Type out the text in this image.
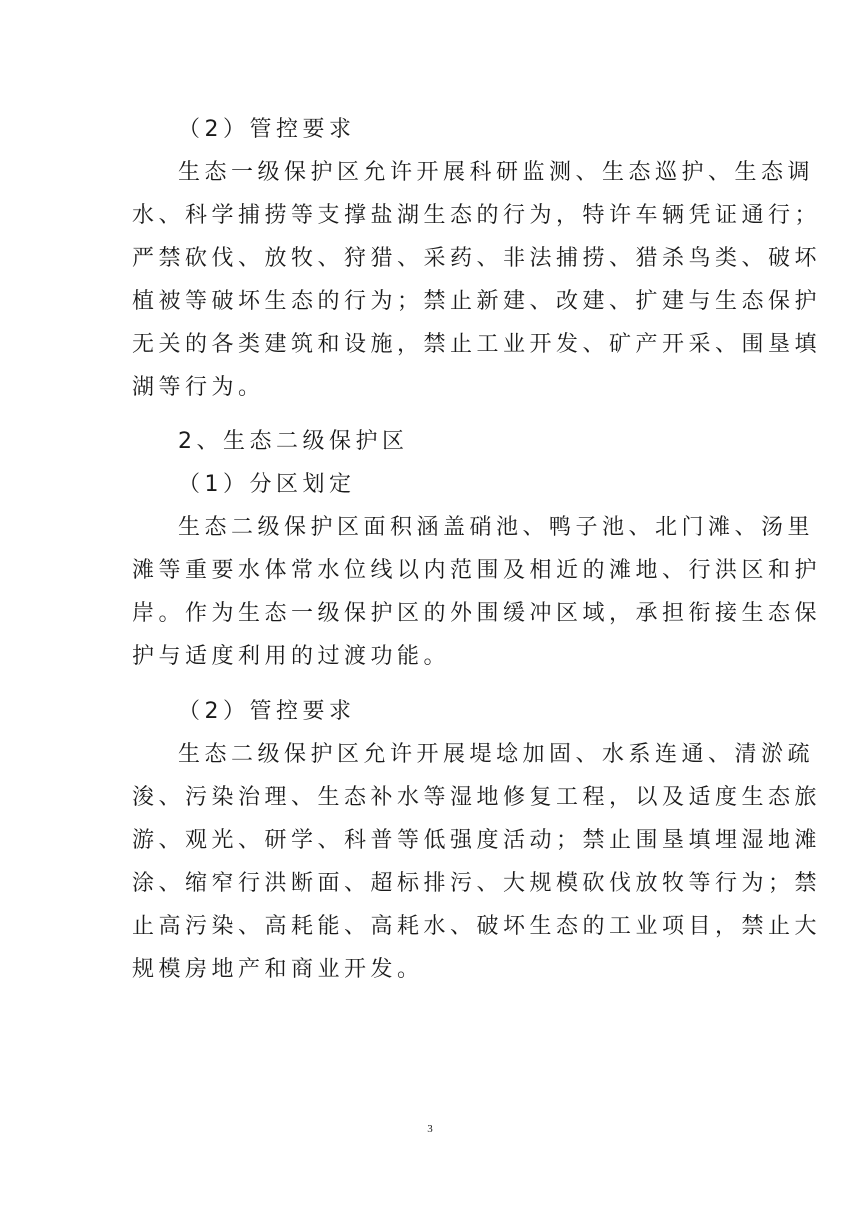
（2）管控要求
生态一级保护区允许开展科研监测、生态巡护、生态调
水、科学捕捞等支撑盐湖生态的行为，特许车辆凭证通行；
严禁砍伐、放牧、狩猎、采药、非法捕捞、猎杀鸟类、破坏
植被等破坏生态的行为；禁止新建、改建、扩建与生态保护
无关的各类建筑和设施，禁止工业开发、矿产开采、围垦填
湖等行为。
2、生态二级保护区
（1）分区划定
生态二级保护区面积涵盖硝池、鸭子池、北门滩、汤里
滩等重要水体常水位线以内范围及相近的滩地、行洪区和护
岸。作为生态一级保护区的外围缓冲区域，承担衔接生态保
护与适度利用的过渡功能。
（2）管控要求
生态二级保护区允许开展堤埝加固、水系连通、清淤疏
浚、污染治理、生态补水等湿地修复工程，以及适度生态旅
游、观光、研学、科普等低强度活动；禁止围垦填埋湿地滩
涂、缩窄行洪断面、超标排污、大规模砍伐放牧等行为；禁
止高污染、高耗能、高耗水、破坏生态的工业项目，禁止大
规模房地产和商业开发。
3
